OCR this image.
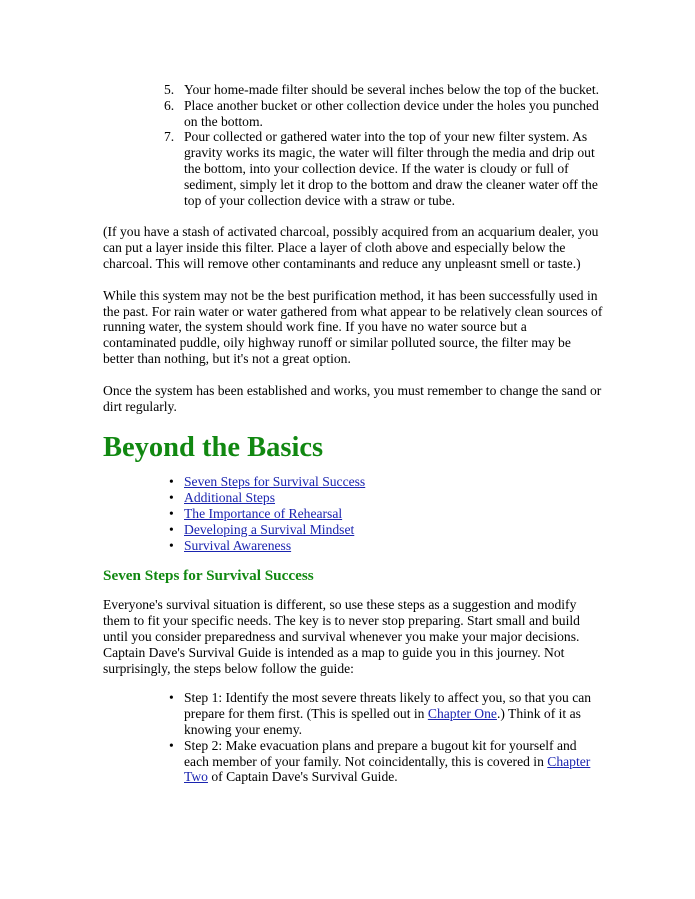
5. Your home-made filter should be several inches below the top of the bucket.
6. Place another bucket or other collection device under the holes you punched on the bottom.
7. Pour collected or gathered water into the top of your new filter system. As gravity works its magic, the water will filter through the media and drip out the bottom, into your collection device. If the water is cloudy or full of sediment, simply let it drop to the bottom and draw the cleaner water off the top of your collection device with a straw or tube.

(If you have a stash of activated charcoal, possibly acquired from an acquarium dealer, you can put a layer inside this filter. Place a layer of cloth above and especially below the charcoal. This will remove other contaminants and reduce any unpleasnt smell or taste.)

While this system may not be the best purification method, it has been successfully used in the past. For rain water or water gathered from what appear to be relatively clean sources of running water, the system should work fine. If you have no water source but a contaminated puddle, oily highway runoff or similar polluted source, the filter may be better than nothing, but it's not a great option.

Once the system has been established and works, you must remember to change the sand or dirt regularly.

Beyond the Basics
• Seven Steps for Survival Success
• Additional Steps
• The Importance of Rehearsal
• Developing a Survival Mindset
• Survival Awareness
Seven Steps for Survival Success

Everyone's survival situation is different, so use these steps as a suggestion and modify them to fit your specific needs. The key is to never stop preparing. Start small and build until you consider preparedness and survival whenever you make your major decisions. Captain Dave's Survival Guide is intended as a map to guide you in this journey. Not surprisingly, the steps below follow the guide:

• Step 1: Identify the most severe threats likely to affect you, so that you can prepare for them first. (This is spelled out in Chapter One.) Think of it as knowing your enemy.
• Step 2: Make evacuation plans and prepare a bugout kit for yourself and each member of your family. Not coincidentally, this is covered in Chapter Two of Captain Dave's Survival Guide.
